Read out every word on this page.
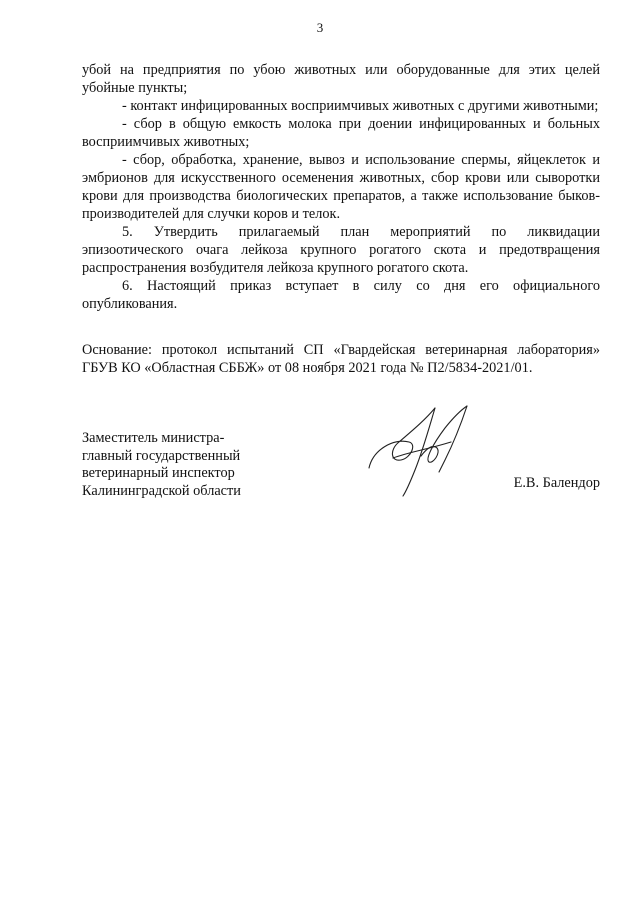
3

убой на предприятия по убою животных или оборудованные для этих целей убойные пункты;

- контакт инфицированных восприимчивых животных с другими животными;

- сбор в общую емкость молока при доении инфицированных и больных восприимчивых животных;

- сбор, обработка, хранение, вывоз и использование спермы, яйцеклеток и эмбрионов для искусственного осеменения животных, сбор крови или сыворотки крови для производства биологических препаратов, а также использование быков-производителей для случки коров и телок.

5. Утвердить прилагаемый план мероприятий по ликвидации эпизоотического очага лейкоза крупного рогатого скота и предотвращения распространения возбудителя лейкоза крупного рогатого скота.

6. Настоящий приказ вступает в силу со дня его официального опубликования.

Основание: протокол испытаний СП «Гвардейская ветеринарная лаборатория» ГБУВ КО «Областная СББЖ» от 08 ноября 2021 года № П2/5834-2021/01.

Заместитель министра-
главный государственный
ветеринарный инспектор
Калининградской области	Е.В. Балендор
